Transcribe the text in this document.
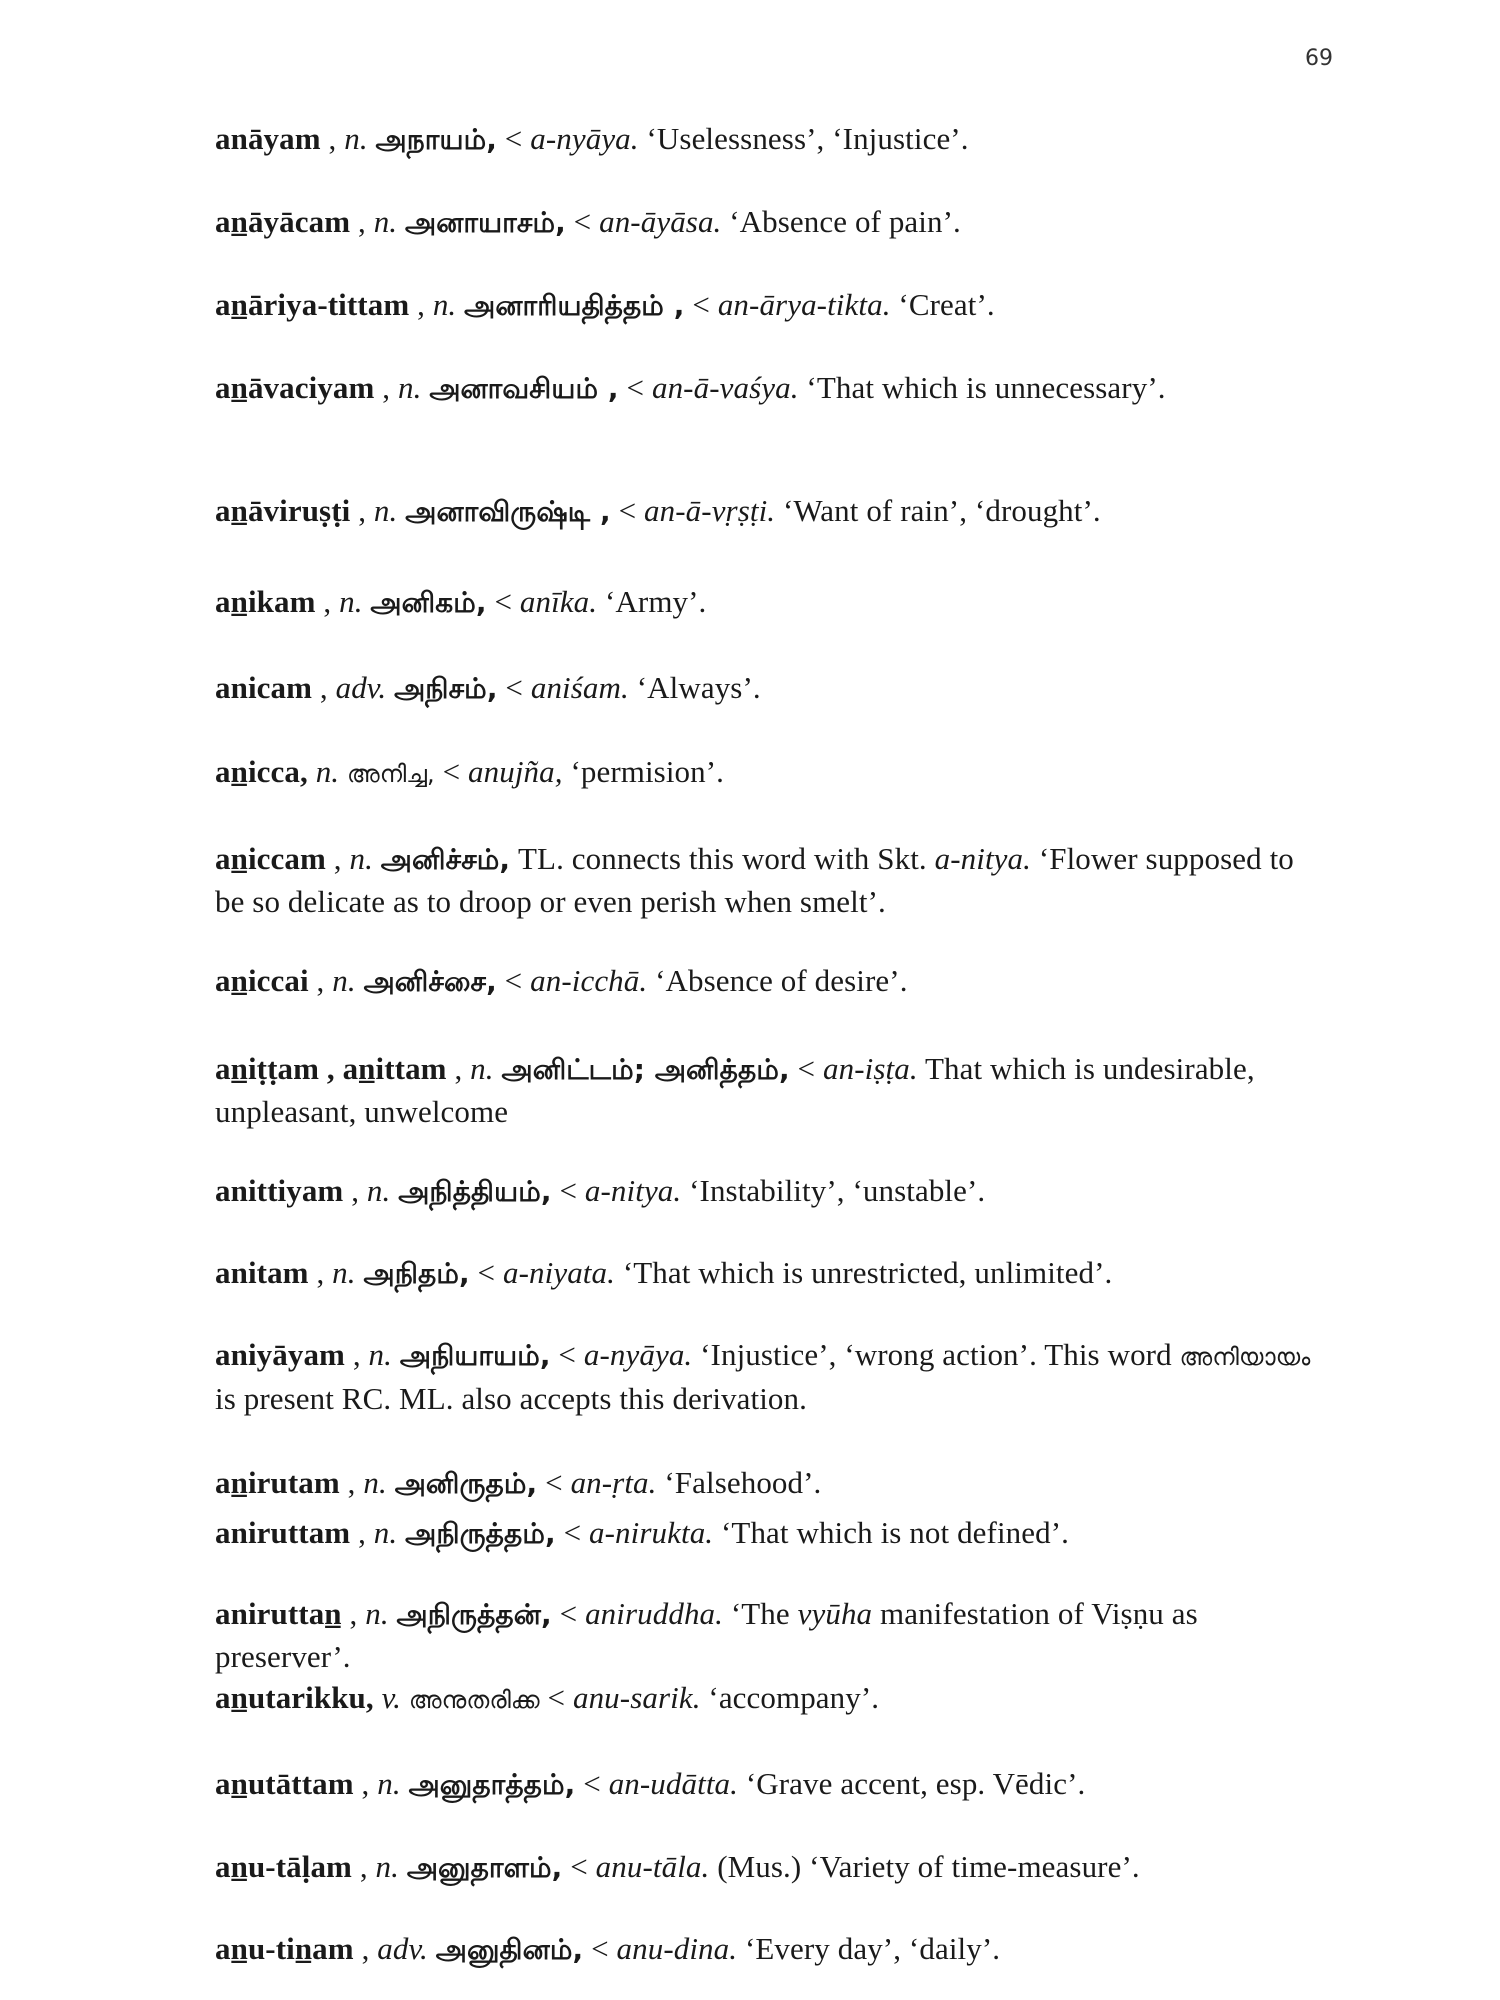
69
anāyam , n. அநாயம், < a-nyāya. ‘Uselessness’, ‘Injustice’.
an̲āyācam , n. அனாயாசம், < an-āyāsa. ‘Absence of pain’.
an̲āriya-tittam , n. அனாரியதித்தம் , < an-ārya-tikta. ‘Creat’.
an̲āvaciyam , n. அனாவசியம் , < an-ā-vaśya. ‘That which is unnecessary’.
an̲āviruṣṭi , n. அனாவிருஷ்டி , < an-ā-vṛṣṭi. ‘Want of rain’, ‘drought’.
an̲ikam , n. அனிகம், < anīka. ‘Army’.
anicam , adv. அநிசம், < aniśam. ‘Always’.
an̲icca, n. അനിച്ച, < anujña, ‘permision’.
an̲iccam , n. அனிச்சம், TL. connects this word with Skt. a-nitya. ‘Flower supposed to be so delicate as to droop or even perish when smelt’.
an̲iccai , n. அனிச்சை, < an-icchā. ‘Absence of desire’.
an̲iṭṭam , an̲ittam , n. அனிட்டம்; அனித்தம், < an-iṣṭa. That which is undesirable, unpleasant, unwelcome
anittiyam , n. அநித்தியம், < a-nitya. ‘Instability’, ‘unstable’.
anitam , n. அநிதம், < a-niyata. ‘That which is unrestricted, unlimited’.
aniyāyam , n. அநியாயம், < a-nyāya. ‘Injustice’, ‘wrong action’. This word അനിയായം is present RC. ML. also accepts this derivation.
an̲irutam , n. அனிருதம், < an-ṛta. ‘Falsehood’.
aniruttam , n. அநிருத்தம், < a-nirukta. ‘That which is not defined’.
aniruttan̲ , n. அநிருத்தன், < aniruddha. ‘The vyūha manifestation of Viṣṇu as preserver’.
an̲utarikku, v. അനുതരിക്ക < anu-sarik. ‘accompany’.
an̲utāttam , n. அனுதாத்தம், < an-udātta. ‘Grave accent, esp. Vēdic’.
an̲u-tāḷam , n. அனுதாளம், < anu-tāla. (Mus.) ‘Variety of time-measure’.
an̲u-tin̲am , adv. அனுதினம், < anu-dina. ‘Every day’, ‘daily’.
